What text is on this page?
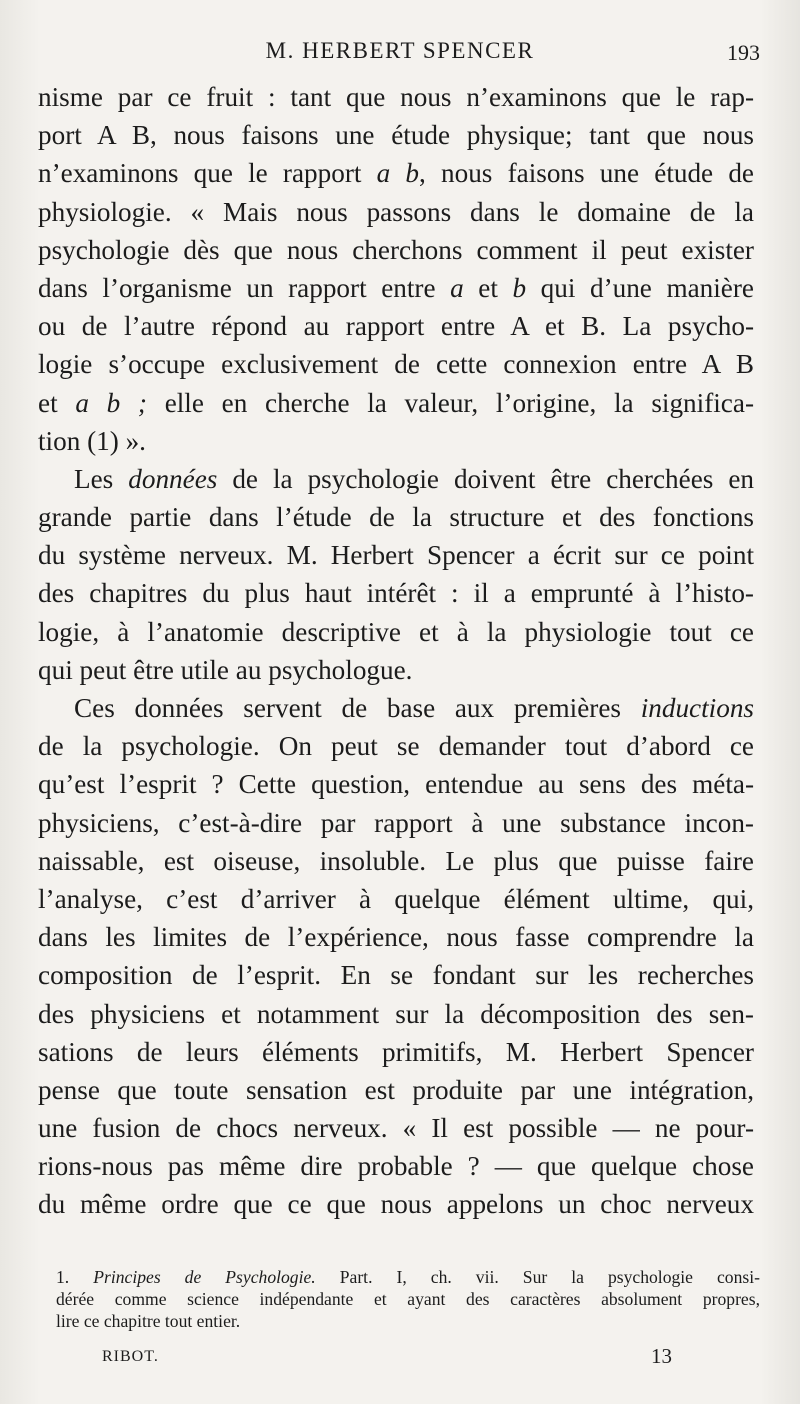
M. HERBERT SPENCER	193
nisme par ce fruit : tant que nous n’examinons que le rap-
port A B, nous faisons une étude physique; tant que nous
n’examinons que le rapport a b, nous faisons une étude de
physiologie. « Mais nous passons dans le domaine de la
psychologie dès que nous cherchons comment il peut exister
dans l’organisme un rapport entre a et b qui d’une manière
ou de l’autre répond au rapport entre A et B. La psycho-
logie s’occupe exclusivement de cette connexion entre A B
et a b ; elle en cherche la valeur, l’origine, la significa-
tion (1) ».
Les données de la psychologie doivent être cherchées en
grande partie dans l’étude de la structure et des fonctions
du système nerveux. M. Herbert Spencer a écrit sur ce point
des chapitres du plus haut intérêt : il a emprunté à l’histo-
logie, à l’anatomie descriptive et à la physiologie tout ce
qui peut être utile au psychologue.
Ces données servent de base aux premières inductions
de la psychologie. On peut se demander tout d’abord ce
qu’est l’esprit ? Cette question, entendue au sens des méta-
physiciens, c’est-à-dire par rapport à une substance incon-
naissable, est oiseuse, insoluble. Le plus que puisse faire
l’analyse, c’est d’arriver à quelque élément ultime, qui,
dans les limites de l’expérience, nous fasse comprendre la
composition de l’esprit. En se fondant sur les recherches
des physiciens et notamment sur la décomposition des sen-
sations de leurs éléments primitifs, M. Herbert Spencer
pense que toute sensation est produite par une intégration,
une fusion de chocs nerveux. « Il est possible — ne pour-
rions-nous pas même dire probable ? — que quelque chose
du même ordre que ce que nous appelons un choc nerveux
1. Principes de Psychologie. Part. I, ch. vii. Sur la psychologie consi-
dérée comme science indépendante et ayant des caractères absolument propres,
lire ce chapitre tout entier.
RIBOT.	13
